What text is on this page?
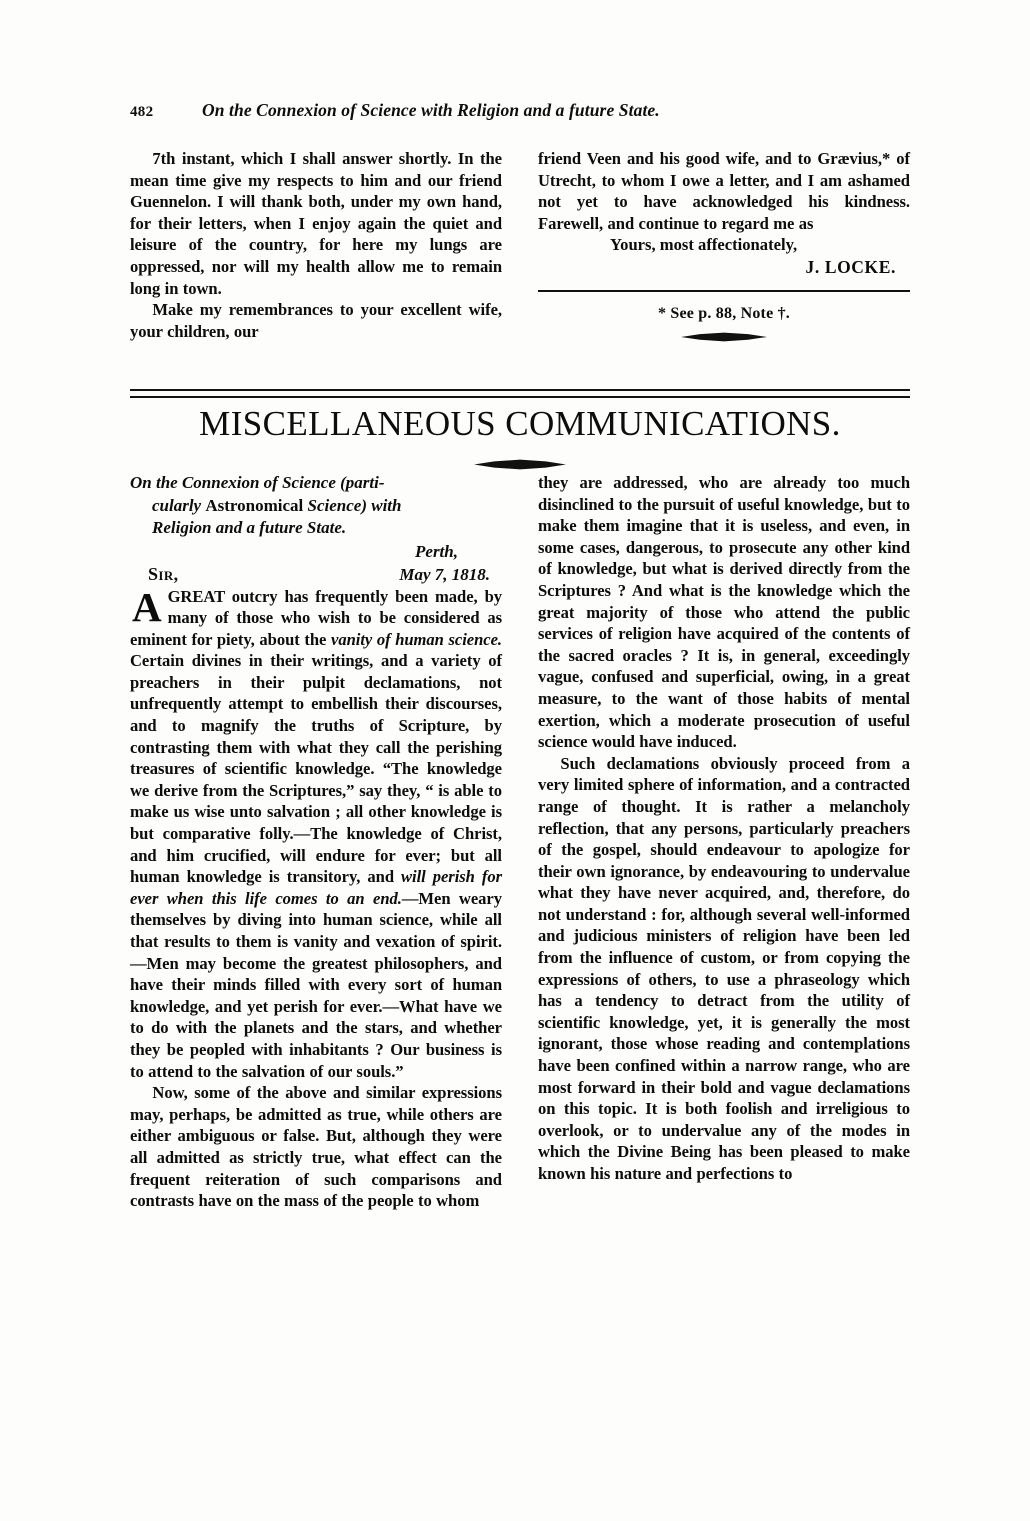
482	On the Connexion of Science with Religion and a future State.

7th instant, which I shall answer shortly. In the mean time give my respects to him and our friend Guennelon. I will thank both, under my own hand, for their letters, when I enjoy again the quiet and leisure of the country, for here my lungs are oppressed, nor will my health allow me to remain long in town.

Make my remembrances to your excellent wife, your children, our

friend Veen and his good wife, and to Grævius,* of Utrecht, to whom I owe a letter, and I am ashamed not yet to have acknowledged his kindness. Farewell, and continue to regard me as

Yours, most affectionately,
J. LOCKE.
* See p. 88, Note †.
MISCELLANEOUS COMMUNICATIONS.
On the Connexion of Science (parti-
cularly Astronomical Science) with
Religion and a future State.
Perth,
Sir,	May 7, 1818.

AGREAT outcry has frequently been made, by many of those who wish to be considered as eminent for piety, about the vanity of human science. Certain divines in their writings, and a variety of preachers in their pulpit declamations, not unfrequently attempt to embellish their discourses, and to magnify the truths of Scripture, by contrasting them with what they call the perishing treasures of scientific knowledge. “The knowledge we derive from the Scriptures,” say they, “ is able to make us wise unto salvation ; all other knowledge is but comparative folly.—The knowledge of Christ, and him crucified, will endure for ever; but all human knowledge is transitory, and will perish for ever when this life comes to an end.—Men weary themselves by diving into human science, while all that results to them is vanity and vexation of spirit.—Men may become the greatest philosophers, and have their minds filled with every sort of human knowledge, and yet perish for ever.—What have we to do with the planets and the stars, and whether they be peopled with inhabitants ? Our business is to attend to the salvation of our souls.”

Now, some of the above and similar expressions may, perhaps, be admitted as true, while others are either ambiguous or false. But, although they were all admitted as strictly true, what effect can the frequent reiteration of such comparisons and contrasts have on the mass of the people to whom

they are addressed, who are already too much disinclined to the pursuit of useful knowledge, but to make them imagine that it is useless, and even, in some cases, dangerous, to prosecute any other kind of knowledge, but what is derived directly from the Scriptures ? And what is the knowledge which the great majority of those who attend the public services of religion have acquired of the contents of the sacred oracles ? It is, in general, exceedingly vague, confused and superficial, owing, in a great measure, to the want of those habits of mental exertion, which a moderate prosecution of useful science would have induced.

Such declamations obviously proceed from a very limited sphere of information, and a contracted range of thought. It is rather a melancholy reflection, that any persons, particularly preachers of the gospel, should endeavour to apologize for their own ignorance, by endeavouring to undervalue what they have never acquired, and, therefore, do not understand : for, although several well-informed and judicious ministers of religion have been led from the influence of custom, or from copying the expressions of others, to use a phraseology which has a tendency to detract from the utility of scientific knowledge, yet, it is generally the most ignorant, those whose reading and contemplations have been confined within a narrow range, who are most forward in their bold and vague declamations on this topic. It is both foolish and irreligious to overlook, or to undervalue any of the modes in which the Divine Being has been pleased to make known his nature and perfections to
